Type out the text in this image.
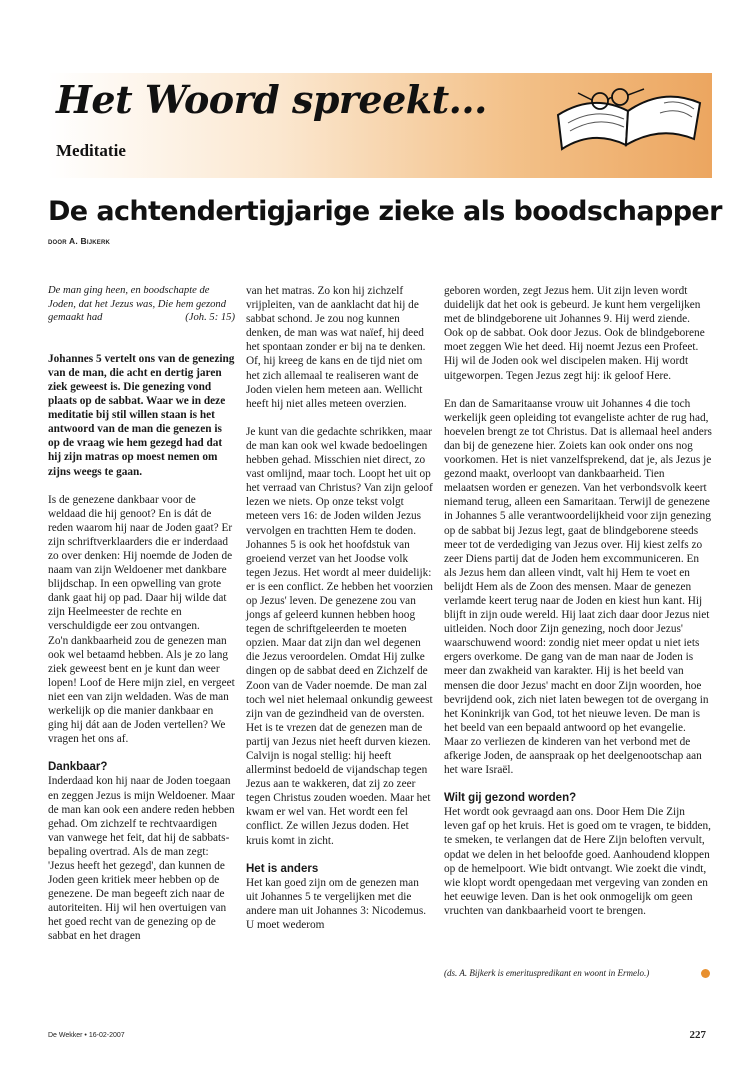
Het Woord spreekt...
Meditatie
De achtendertigjarige zieke als boodschapper
door A. Bijkerk

De man ging heen, en boodschapte de Joden, dat het Jezus was, Die hem gezond gemaakt had	(Joh. 5: 15)

Johannes 5 vertelt ons van de genezing van de man, die acht en dertig jaren ziek geweest is. Die genezing vond plaats op de sabbat. Waar we in deze meditatie bij stil willen staan is het antwoord van de man die genezen is op de vraag wie hem gezegd had dat hij zijn matras op moest nemen om zijns weegs te gaan.

Is de genezene dankbaar voor de weldaad die hij genoot? En is dát de reden waarom hij naar de Joden gaat? Er zijn schriftverklaarders die er inderdaad zo over denken: Hij noemde de Joden de naam van zijn Weldoener met dankbare blijdschap. In een opwelling van grote dank gaat hij op pad. Daar hij wilde dat zijn Heelmeester de rechte en verschuldigde eer zou ontvangen.

Zo'n dankbaarheid zou de genezen man ook wel betaamd hebben. Als je zo lang ziek geweest bent en je kunt dan weer lopen! Loof de Here mijn ziel, en vergeet niet een van zijn weldaden. Was de man werkelijk op die manier dankbaar en ging hij dát aan de Joden vertellen? We vragen het ons af.

Dankbaar?

Inderdaad kon hij naar de Joden toegaan en zeggen Jezus is mijn Weldoener. Maar de man kan ook een andere reden hebben gehad. Om zichzelf te rechtvaardigen van vanwege het feit, dat hij de sabbatsbepaling overtrad. Als de man zegt: 'Jezus heeft het gezegd', dan kunnen de Joden geen kritiek meer hebben op de genezene. De man begeeft zich naar de autoriteiten. Hij wil hen overtuigen van het goed recht van de genezing op de sabbat en het dragen

van het matras. Zo kon hij zichzelf vrijpleiten, van de aanklacht dat hij de sabbat schond. Je zou nog kunnen denken, de man was wat naïef, hij deed het spontaan zonder er bij na te denken. Of, hij kreeg de kans en de tijd niet om het zich allemaal te realiseren want de Joden vielen hem meteen aan. Wellicht heeft hij niet alles meteen overzien.

Je kunt van die gedachte schrikken, maar de man kan ook wel kwade bedoelingen hebben gehad. Misschien niet direct, zo vast omlijnd, maar toch. Loopt het uit op het verraad van Christus? Van zijn geloof lezen we niets. Op onze tekst volgt meteen vers 16: de Joden wilden Jezus vervolgen en trachtten Hem te doden. Johannes 5 is ook het hoofdstuk van groeiend verzet van het Joodse volk tegen Jezus. Het wordt al meer duidelijk: er is een conflict. Ze hebben het voorzien op Jezus' leven. De genezene zou van jongs af geleerd kunnen hebben hoog tegen de schriftgeleerden te moeten opzien. Maar dat zijn dan wel degenen die Jezus veroordelen. Omdat Hij zulke dingen op de sabbat deed en Zichzelf de Zoon van de Vader noemde. De man zal toch wel niet helemaal onkundig geweest zijn van de gezindheid van de oversten. Het is te vrezen dat de genezen man de partij van Jezus niet heeft durven kiezen. Calvijn is nogal stellig: hij heeft allerminst bedoeld de vijandschap tegen Jezus aan te wakkeren, dat zij zo zeer tegen Christus zouden woeden. Maar het kwam er wel van. Het wordt een fel conflict. Ze willen Jezus doden. Het kruis komt in zicht.

Het is anders

Het kan goed zijn om de genezen man uit Johannes 5 te vergelijken met die andere man uit Johannes 3: Nicodemus. U moet wederom

geboren worden, zegt Jezus hem. Uit zijn leven wordt duidelijk dat het ook is gebeurd. Je kunt hem vergelijken met de blindgeborene uit Johannes 9. Hij werd ziende. Ook op de sabbat. Ook door Jezus. Ook de blindgeborene moet zeggen Wie het deed. Hij noemt Jezus een Profeet. Hij wil de Joden ook wel discipelen maken. Hij wordt uitgeworpen. Tegen Jezus zegt hij: ik geloof Here.

En dan de Samaritaanse vrouw uit Johannes 4 die toch werkelijk geen opleiding tot evangeliste achter de rug had, hoevelen brengt ze tot Christus. Dat is allemaal heel anders dan bij de genezene hier. Zoiets kan ook onder ons nog voorkomen. Het is niet vanzelfsprekend, dat je, als Jezus je gezond maakt, overloopt van dankbaarheid. Tien melaatsen worden er genezen. Van het verbondsvolk keert niemand terug, alleen een Samaritaan. Terwijl de genezene in Johannes 5 alle verantwoordelijkheid voor zijn genezing op de sabbat bij Jezus legt, gaat de blindgeborene steeds meer tot de verdediging van Jezus over. Hij kiest zelfs zo zeer Diens partij dat de Joden hem excommuniceren. En als Jezus hem dan alleen vindt, valt hij Hem te voet en belijdt Hem als de Zoon des mensen. Maar de genezen verlamde keert terug naar de Joden en kiest hun kant. Hij blijft in zijn oude wereld. Hij laat zich daar door Jezus niet uitleiden. Noch door Zijn genezing, noch door Jezus' waarschuwend woord: zondig niet meer opdat u niet iets ergers overkome. De gang van de man naar de Joden is meer dan zwakheid van karakter. Hij is het beeld van mensen die door Jezus' macht en door Zijn woorden, hoe bevrijdend ook, zich niet laten bewegen tot de overgang in het Koninkrijk van God, tot het nieuwe leven. De man is het beeld van een bepaald antwoord op het evangelie. Maar zo verliezen de kinderen van het verbond met de afkerige Joden, de aanspraak op het deelgenootschap aan het ware Israël.

Wilt gij gezond worden?

Het wordt ook gevraagd aan ons. Door Hem Die Zijn leven gaf op het kruis. Het is goed om te vragen, te bidden, te smeken, te verlangen dat de Here Zijn beloften vervult, opdat we delen in het beloofde goed. Aanhoudend kloppen op de hemelpoort. Wie bidt ontvangt. Wie zoekt die vindt, wie klopt wordt opengedaan met vergeving van zonden en het eeuwige leven. Dan is het ook onmogelijk om geen vruchten van dankbaarheid voort te brengen.

(ds. A. Bijkerk is emerituspredikant en woont in Ermelo.)
De Wekker • 16-02-2007	227
